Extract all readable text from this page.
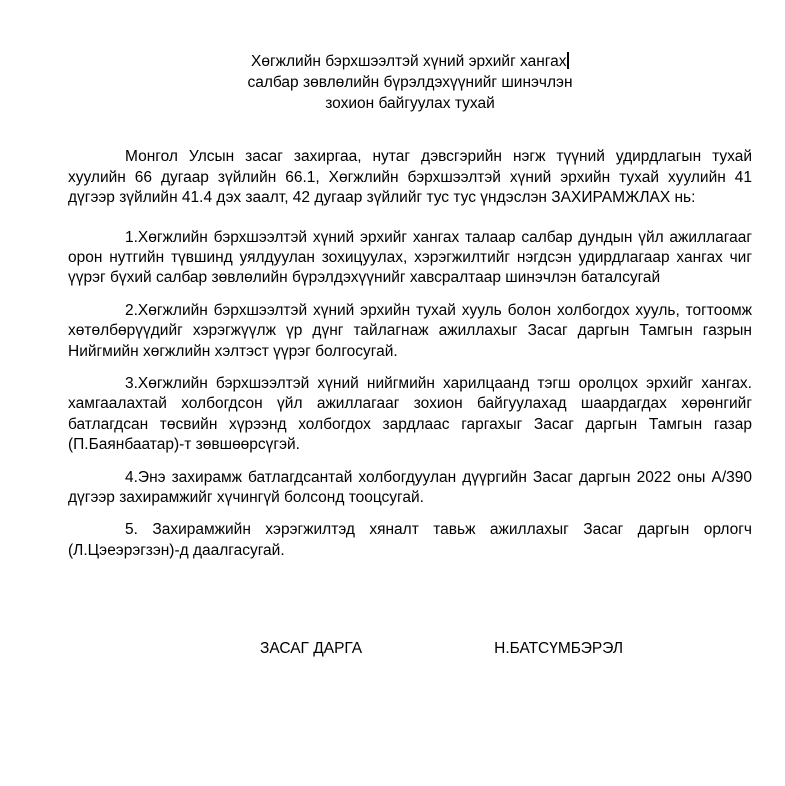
Хөгжлийн бэрхшээлтэй хүний эрхийг хангах
салбар зөвлөлийн бүрэлдэхүүнийг шинэчлэн
зохион байгуулах тухай

Монгол Улсын засаг захиргаа, нутаг дэвсгэрийн нэгж түүний удирдлагын тухай хуулийн 66 дугаар зүйлийн 66.1, Хөгжлийн бэрхшээлтэй хүний эрхийн тухай хуулийн 41 дүгээр зүйлийн 41.4 дэх заалт, 42 дугаар зүйлийг тус тус үндэслэн ЗАХИРАМЖЛАХ нь:

1.Хөгжлийн бэрхшээлтэй хүний эрхийг хангах талаар салбар дундын үйл ажиллагааг орон нутгийн түвшинд уялдуулан зохицуулах, хэрэгжилтийг нэгдсэн удирдлагаар хангах чиг үүрэг бүхий салбар зөвлөлийн бүрэлдэхүүнийг хавсралтаар шинэчлэн баталсугай

2.Хөгжлийн бэрхшээлтэй хүний эрхийн тухай хууль болон холбогдох хууль, тогтоомж хөтөлбөрүүдийг хэрэгжүүлж үр дүнг тайлагнаж ажиллахыг Засаг даргын Тамгын газрын Нийгмийн хөгжлийн хэлтэст үүрэг болгосугай.

3.Хөгжлийн бэрхшээлтэй хүний нийгмийн харилцаанд тэгш оролцох эрхийг хангах. хамгаалахтай холбогдсон үйл ажиллагааг зохион байгуулахад шаардагдах хөрөнгийг батлагдсан төсвийн хүрээнд холбогдох зардлаас гаргахыг Засаг даргын Тамгын газар (П.Баянбаатар)-т зөвшөөрсүгэй.

4.Энэ захирамж батлагдсантай холбогдуулан дүүргийн Засаг даргын 2022 оны А/390 дүгээр захирамжийг хүчингүй болсонд тооцсугай.

5. Захирамжийн хэрэгжилтэд хяналт тавьж ажиллахыг Засаг даргын орлогч (Л.Цэеэрэгзэн)-д даалгасугай.

ЗАСАГ ДАРГА	Н.БАТСҮМБЭРЭЛ
